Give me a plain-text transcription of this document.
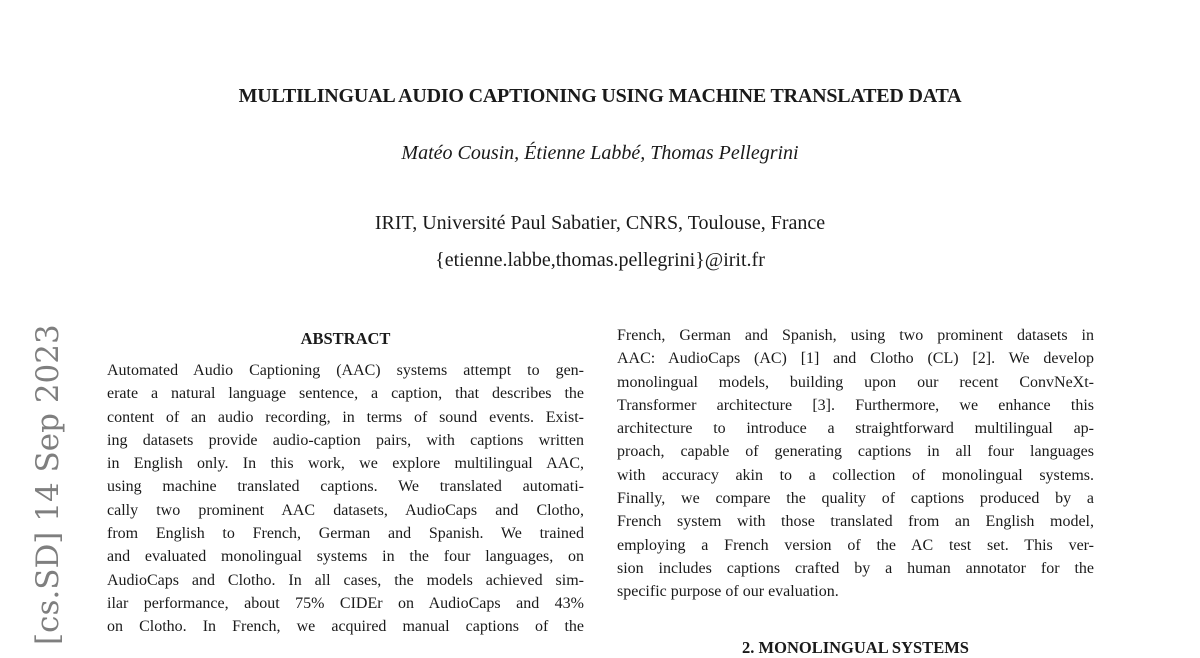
MULTILINGUAL AUDIO CAPTIONING USING MACHINE TRANSLATED DATA
Matéo Cousin, Étienne Labbé, Thomas Pellegrini
IRIT, Université Paul Sabatier, CNRS, Toulouse, France
{etienne.labbe,thomas.pellegrini}@irit.fr
[cs.SD] 14 Sep 2023	ABSTRACT
Automated Audio Captioning (AAC) systems attempt to gen-
erate a natural language sentence, a caption, that describes the
content of an audio recording, in terms of sound events. Exist-
ing datasets provide audio-caption pairs, with captions written
in English only. In this work, we explore multilingual AAC,
using machine translated captions. We translated automati-
cally two prominent AAC datasets, AudioCaps and Clotho,
from English to French, German and Spanish. We trained
and evaluated monolingual systems in the four languages, on
AudioCaps and Clotho. In all cases, the models achieved sim-
ilar performance, about 75% CIDEr on AudioCaps and 43%
on Clotho. In French, we acquired manual captions of the
French, German and Spanish, using two prominent datasets in
AAC: AudioCaps (AC) [1] and Clotho (CL) [2]. We develop
monolingual models, building upon our recent ConvNeXt-
Transformer architecture [3]. Furthermore, we enhance this
architecture to introduce a straightforward multilingual ap-
proach, capable of generating captions in all four languages
with accuracy akin to a collection of monolingual systems.
Finally, we compare the quality of captions produced by a
French system with those translated from an English model,
employing a French version of the AC test set. This ver-
sion includes captions crafted by a human annotator for the
specific purpose of our evaluation.
2. MONOLINGUAL SYSTEMS
